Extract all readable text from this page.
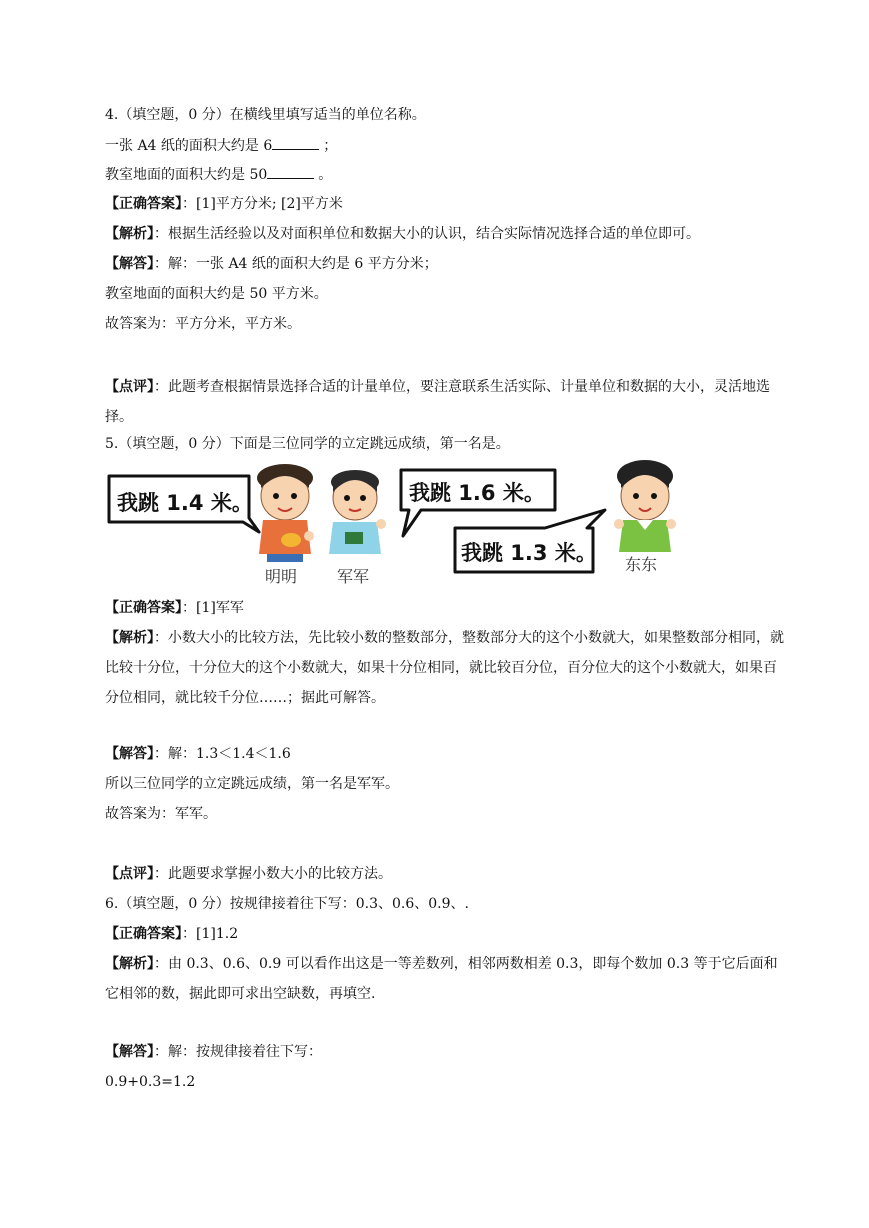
4.（填空题，0 分）在横线里填写适当的单位名称。
一张 A4 纸的面积大约是 6	；
教室地面的面积大约是 50	。
【正确答案】：[1]平方分米; [2]平方米
【解析】：根据生活经验以及对面积单位和数据大小的认识，结合实际情况选择合适的单位即可。
【解答】：解：一张 A4 纸的面积大约是 6 平方分米；
教室地面的面积大约是 50 平方米。
故答案为：平方分米，平方米。
【点评】：此题考查根据情景选择合适的计量单位，要注意联系生活实际、计量单位和数据的大小，灵活地选择。
5.（填空题，0 分）下面是三位同学的立定跳远成绩，第一名是。
我跳 1.4 米。
明明 军军
我跳 1.6 米。
我跳 1.3 米。 东东
【正确答案】：[1]军军
【解析】：小数大小的比较方法，先比较小数的整数部分，整数部分大的这个小数就大，如果整数部分相同，就比较十分位，十分位大的这个小数就大，如果十分位相同，就比较百分位，百分位大的这个小数就大，如果百分位相同，就比较千分位……；据此可解答。
【解答】：解：1.3＜1.4＜1.6
所以三位同学的立定跳远成绩，第一名是军军。
故答案为：军军。
【点评】：此题要求掌握小数大小的比较方法。
6.（填空题，0 分）按规律接着往下写：0.3、0.6、0.9、.
【正确答案】：[1]1.2
【解析】：由 0.3、0.6、0.9 可以看作出这是一等差数列，相邻两数相差 0.3，即每个数加 0.3 等于它后面和它相邻的数，据此即可求出空缺数，再填空.
【解答】：解：按规律接着往下写：
0.9+0.3=1.2
